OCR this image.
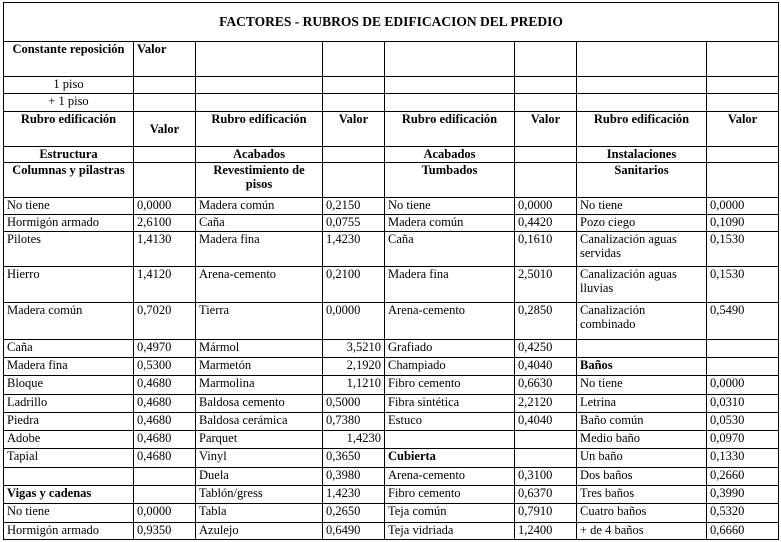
FACTORES - RUBROS DE EDIFICACION DEL PREDIO							
Constante reposición	Valor						
1 piso							
+ 1 piso							
Rubro edificación	Valor	Rubro edificación	Valor	Rubro edificación	Valor	Rubro edificación	Valor
Estructura		Acabados		Acabados		Instalaciones	
Columnas y pilastras		Revestimiento de pisos		Tumbados		Sanitarios	
No tiene	0,0000	Madera común	0,2150	No tiene	0,0000	No tiene	0,0000
Hormigón armado	2,6100	Caña	0,0755	Madera común	0,4420	Pozo ciego	0,1090
Pilotes	1,4130	Madera fina	1,4230	Caña	0,1610	Canalización aguas servidas	0,1530
Hierro	1,4120	Arena-cemento	0,2100	Madera fina	2,5010	Canalización aguas lluvias	0,1530
Madera común	0,7020	Tierra	0,0000	Arena-cemento	0,2850	Canalización combinado	0,5490
Caña	0,4970	Mármol	3,5210	Grafiado	0,4250		
Madera fina	0,5300	Marmetón	2,1920	Champiado	0,4040	Baños	
Bloque	0,4680	Marmolina	1,1210	Fibro cemento	0,6630	No tiene	0,0000
Ladrillo	0,4680	Baldosa cemento	0,5000	Fibra sintética	2,2120	Letrina	0,0310
Piedra	0,4680	Baldosa cerámica	0,7380	Estuco	0,4040	Baño común	0,0530
Adobe	0,4680	Parquet	1,4230			Medio baño	0,0970
Tapial	0,4680	Vinyl	0,3650	Cubierta		Un baño	0,1330
		Duela	0,3980	Arena-cemento	0,3100	Dos baños	0,2660
Vigas y cadenas		Tablón/gress	1,4230	Fibro cemento	0,6370	Tres baños	0,3990
No tiene	0,0000	Tabla	0,2650	Teja común	0,7910	Cuatro baños	0,5320
Hormigón armado	0,9350	Azulejo	0,6490	Teja vidriada	1,2400	+ de 4 baños	0,6660
